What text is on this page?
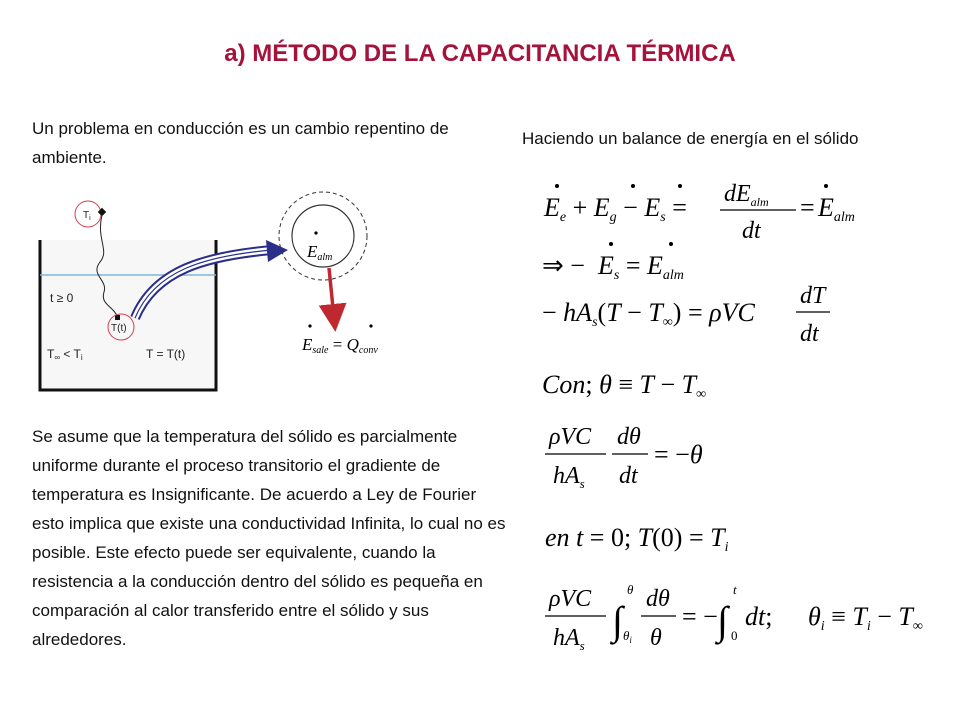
a) MÉTODO DE LA CAPACITANCIA TÉRMICA
Un problema en conducción es un cambio repentino de ambiente.
Haciendo un balance de energía en el sólido
Se asume que la temperatura del sólido es parcialmente uniforme durante el proceso transitorio el gradiente de temperatura es Insignificante. De acuerdo a Ley de Fourier esto implica que existe una conductividad Infinita, lo cual no es posible. Este efecto puede ser equivalente, cuando la resistencia a la conducción dentro del sólido es pequeña en comparación al calor transferido entre el sólido y sus alrededores.
$T_i$
T(t)
t ≥ 0
T∞ < Ti	T = T(t)
Ealm
Esale = Qconv
$Ee + Eg - Es = dE_{alm}$
dt
= Ealm
⇒ − Es = Ealm
− hAs(T − T∞) = ρVC
dT
dt
Con; θ ≡ T − T∞
ρVC
$hA_s$
dθ
dt
= −θ
en t = 0; T(0) = Ti
ρVC
$hA_s$
∫
θ
$\theta_i$
dθ
θ
= − ∫
t
0
dt; θi ≡ Ti − T∞
